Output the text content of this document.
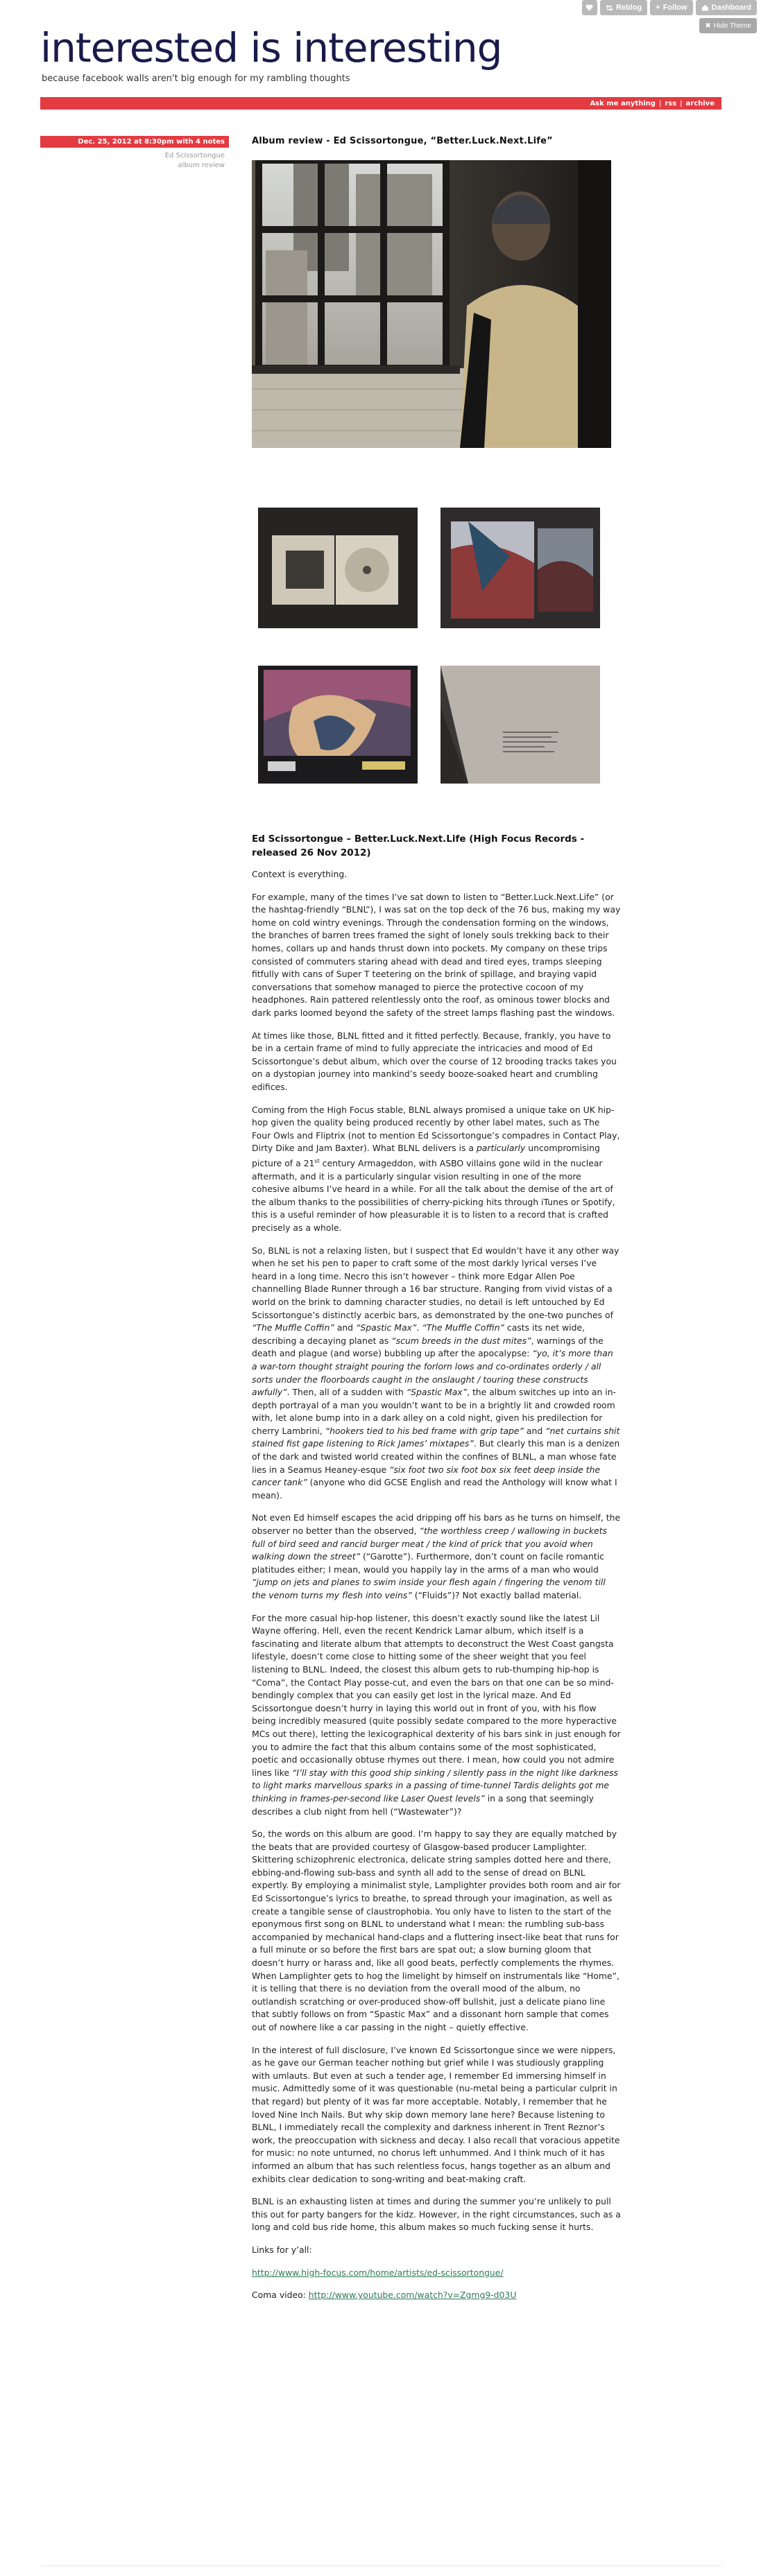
Reblog + Follow	Dashboard
✖ Hide Theme
interested is interesting
because facebook walls aren't big enough for my rambling thoughts
Ask me anything | rss | archive
Dec. 25, 2012 at 8:30pm with 4 notes
Ed Scissortongue
album review
Album review - Ed Scissortongue, “Better.Luck.Next.Life”
Ed Scissortongue – Better.Luck.Next.Life (High Focus Records - released 26 Nov 2012)

Context is everything.

For example, many of the times I’ve sat down to listen to “Better.Luck.Next.Life” (or the hashtag-friendly “BLNL”), I was sat on the top deck of the 76 bus, making my way home on cold wintry evenings. Through the condensation forming on the windows, the branches of barren trees framed the sight of lonely souls trekking back to their homes, collars up and hands thrust down into pockets. My company on these trips consisted of commuters staring ahead with dead and tired eyes, tramps sleeping fitfully with cans of Super T teetering on the brink of spillage, and braying vapid conversations that somehow managed to pierce the protective cocoon of my headphones. Rain pattered relentlessly onto the roof, as ominous tower blocks and dark parks loomed beyond the safety of the street lamps flashing past the windows.

At times like those, BLNL fitted and it fitted perfectly. Because, frankly, you have to be in a certain frame of mind to fully appreciate the intricacies and mood of Ed Scissortongue’s debut album, which over the course of 12 brooding tracks takes you on a dystopian journey into mankind’s seedy booze-soaked heart and crumbling edifices.

Coming from the High Focus stable, BLNL always promised a unique take on UK hip-hop given the quality being produced recently by other label mates, such as The Four Owls and Fliptrix (not to mention Ed Scissortongue’s compadres in Contact Play, Dirty Dike and Jam Baxter). What BLNL delivers is a particularly uncompromising picture of a 21st century Armageddon, with ASBO villains gone wild in the nuclear aftermath, and it is a particularly singular vision resulting in one of the more cohesive albums I’ve heard in a while. For all the talk about the demise of the art of the album thanks to the possibilities of cherry-picking hits through iTunes or Spotify, this is a useful reminder of how pleasurable it is to listen to a record that is crafted precisely as a whole.

So, BLNL is not a relaxing listen, but I suspect that Ed wouldn’t have it any other way when he set his pen to paper to craft some of the most darkly lyrical verses I’ve heard in a long time. Necro this isn’t however – think more Edgar Allen Poe channelling Blade Runner through a 16 bar structure. Ranging from vivid vistas of a world on the brink to damning character studies, no detail is left untouched by Ed Scissortongue’s distinctly acerbic bars, as demonstrated by the one-two punches of “The Muffle Coffin” and “Spastic Max”. “The Muffle Coffin” casts its net wide, describing a decaying planet as “scum breeds in the dust mites”, warnings of the death and plague (and worse) bubbling up after the apocalypse: “yo, it’s more than a war-torn thought straight pouring the forlorn lows and co-ordinates orderly / all sorts under the floorboards caught in the onslaught / touring these constructs awfully”. Then, all of a sudden with “Spastic Max”, the album switches up into an in-depth portrayal of a man you wouldn’t want to be in a brightly lit and crowded room with, let alone bump into in a dark alley on a cold night, given his predilection for cherry Lambrini, “hookers tied to his bed frame with grip tape” and “net curtains shit stained fist gape listening to Rick James’ mixtapes”. But clearly this man is a denizen of the dark and twisted world created within the confines of BLNL, a man whose fate lies in a Seamus Heaney-esque “six foot two six foot box six feet deep inside the cancer tank” (anyone who did GCSE English and read the Anthology will know what I mean).

Not even Ed himself escapes the acid dripping off his bars as he turns on himself, the observer no better than the observed, “the worthless creep / wallowing in buckets full of bird seed and rancid burger meat / the kind of prick that you avoid when walking down the street” (“Garotte”). Furthermore, don’t count on facile romantic platitudes either; I mean, would you happily lay in the arms of a man who would “jump on jets and planes to swim inside your flesh again / fingering the venom till the venom turns my flesh into veins” (“Fluids”)? Not exactly ballad material.

For the more casual hip-hop listener, this doesn’t exactly sound like the latest Lil Wayne offering. Hell, even the recent Kendrick Lamar album, which itself is a fascinating and literate album that attempts to deconstruct the West Coast gangsta lifestyle, doesn’t come close to hitting some of the sheer weight that you feel listening to BLNL. Indeed, the closest this album gets to rub-thumping hip-hop is “Coma”, the Contact Play posse-cut, and even the bars on that one can be so mind-bendingly complex that you can easily get lost in the lyrical maze. And Ed Scissortongue doesn’t hurry in laying this world out in front of you, with his flow being incredibly measured (quite possibly sedate compared to the more hyperactive MCs out there), letting the lexicographical dexterity of his bars sink in just enough for you to admire the fact that this album contains some of the most sophisticated, poetic and occasionally obtuse rhymes out there. I mean, how could you not admire lines like “I’ll stay with this good ship sinking / silently pass in the night like darkness to light marks marvellous sparks in a passing of time-tunnel Tardis delights got me thinking in frames-per-second like Laser Quest levels” in a song that seemingly describes a club night from hell (“Wastewater”)?

So, the words on this album are good. I’m happy to say they are equally matched by the beats that are provided courtesy of Glasgow-based producer Lamplighter. Skittering schizophrenic electronica, delicate string samples dotted here and there, ebbing-and-flowing sub-bass and synth all add to the sense of dread on BLNL expertly. By employing a minimalist style, Lamplighter provides both room and air for Ed Scissortongue’s lyrics to breathe, to spread through your imagination, as well as create a tangible sense of claustrophobia. You only have to listen to the start of the eponymous first song on BLNL to understand what I mean: the rumbling sub-bass accompanied by mechanical hand-claps and a fluttering insect-like beat that runs for a full minute or so before the first bars are spat out; a slow burning gloom that doesn’t hurry or harass and, like all good beats, perfectly complements the rhymes. When Lamplighter gets to hog the limelight by himself on instrumentals like “Home”, it is telling that there is no deviation from the overall mood of the album, no outlandish scratching or over-produced show-off bullshit, just a delicate piano line that subtly follows on from “Spastic Max” and a dissonant horn sample that comes out of nowhere like a car passing in the night – quietly effective.

In the interest of full disclosure, I’ve known Ed Scissortongue since we were nippers, as he gave our German teacher nothing but grief while I was studiously grappling with umlauts. But even at such a tender age, I remember Ed immersing himself in music. Admittedly some of it was questionable (nu-metal being a particular culprit in that regard) but plenty of it was far more acceptable. Notably, I remember that he loved Nine Inch Nails. But why skip down memory lane here? Because listening to BLNL, I immediately recall the complexity and darkness inherent in Trent Reznor’s work, the preoccupation with sickness and decay. I also recall that voracious appetite for music: no note unturned, no chorus left unhummed. And I think much of it has informed an album that has such relentless focus, hangs together as an album and exhibits clear dedication to song-writing and beat-making craft.

BLNL is an exhausting listen at times and during the summer you’re unlikely to pull this out for party bangers for the kidz. However, in the right circumstances, such as a long and cold bus ride home, this album makes so much fucking sense it hurts.

Links for y’all:

http://www.high-focus.com/home/artists/ed-scissortongue/

Coma video: http://www.youtube.com/watch?v=Zgmg9-d03U
